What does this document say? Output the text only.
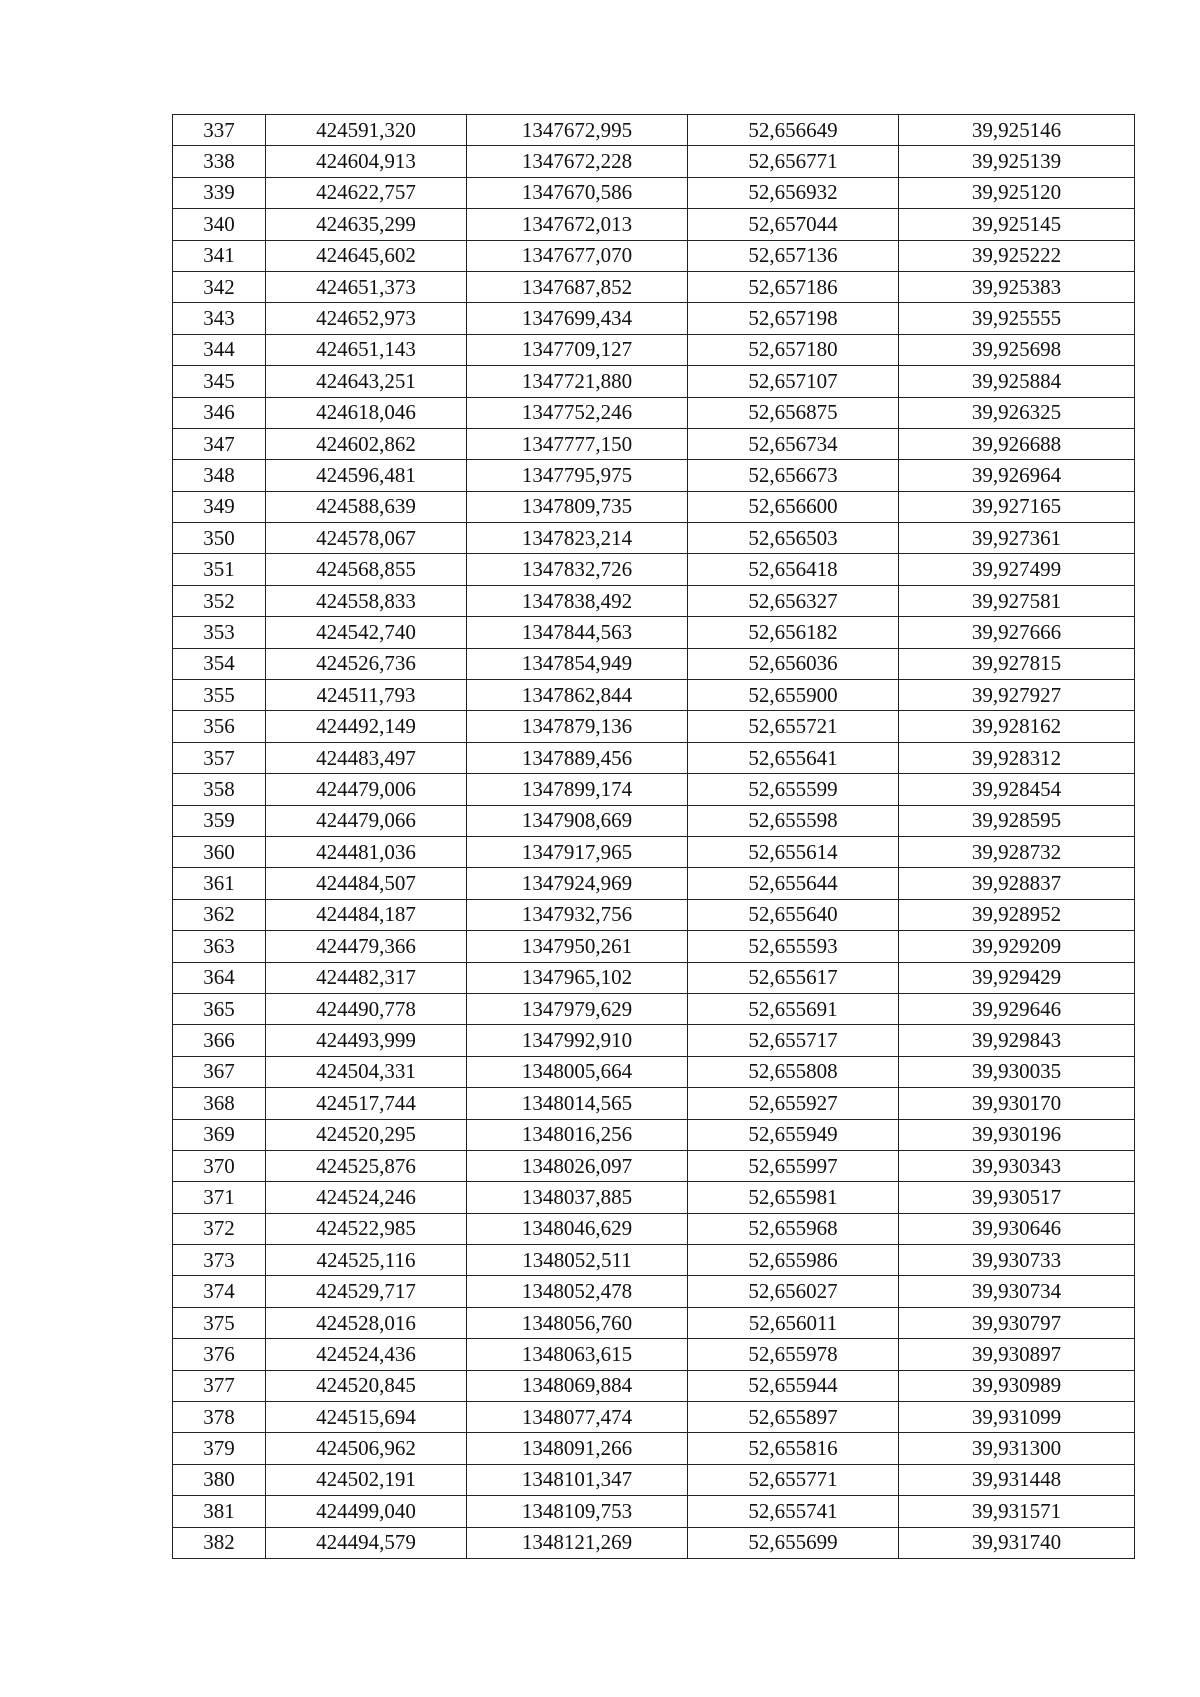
337	424591,320	1347672,995	52,656649	39,925146
338	424604,913	1347672,228	52,656771	39,925139
339	424622,757	1347670,586	52,656932	39,925120
340	424635,299	1347672,013	52,657044	39,925145
341	424645,602	1347677,070	52,657136	39,925222
342	424651,373	1347687,852	52,657186	39,925383
343	424652,973	1347699,434	52,657198	39,925555
344	424651,143	1347709,127	52,657180	39,925698
345	424643,251	1347721,880	52,657107	39,925884
346	424618,046	1347752,246	52,656875	39,926325
347	424602,862	1347777,150	52,656734	39,926688
348	424596,481	1347795,975	52,656673	39,926964
349	424588,639	1347809,735	52,656600	39,927165
350	424578,067	1347823,214	52,656503	39,927361
351	424568,855	1347832,726	52,656418	39,927499
352	424558,833	1347838,492	52,656327	39,927581
353	424542,740	1347844,563	52,656182	39,927666
354	424526,736	1347854,949	52,656036	39,927815
355	424511,793	1347862,844	52,655900	39,927927
356	424492,149	1347879,136	52,655721	39,928162
357	424483,497	1347889,456	52,655641	39,928312
358	424479,006	1347899,174	52,655599	39,928454
359	424479,066	1347908,669	52,655598	39,928595
360	424481,036	1347917,965	52,655614	39,928732
361	424484,507	1347924,969	52,655644	39,928837
362	424484,187	1347932,756	52,655640	39,928952
363	424479,366	1347950,261	52,655593	39,929209
364	424482,317	1347965,102	52,655617	39,929429
365	424490,778	1347979,629	52,655691	39,929646
366	424493,999	1347992,910	52,655717	39,929843
367	424504,331	1348005,664	52,655808	39,930035
368	424517,744	1348014,565	52,655927	39,930170
369	424520,295	1348016,256	52,655949	39,930196
370	424525,876	1348026,097	52,655997	39,930343
371	424524,246	1348037,885	52,655981	39,930517
372	424522,985	1348046,629	52,655968	39,930646
373	424525,116	1348052,511	52,655986	39,930733
374	424529,717	1348052,478	52,656027	39,930734
375	424528,016	1348056,760	52,656011	39,930797
376	424524,436	1348063,615	52,655978	39,930897
377	424520,845	1348069,884	52,655944	39,930989
378	424515,694	1348077,474	52,655897	39,931099
379	424506,962	1348091,266	52,655816	39,931300
380	424502,191	1348101,347	52,655771	39,931448
381	424499,040	1348109,753	52,655741	39,931571
382	424494,579	1348121,269	52,655699	39,931740
